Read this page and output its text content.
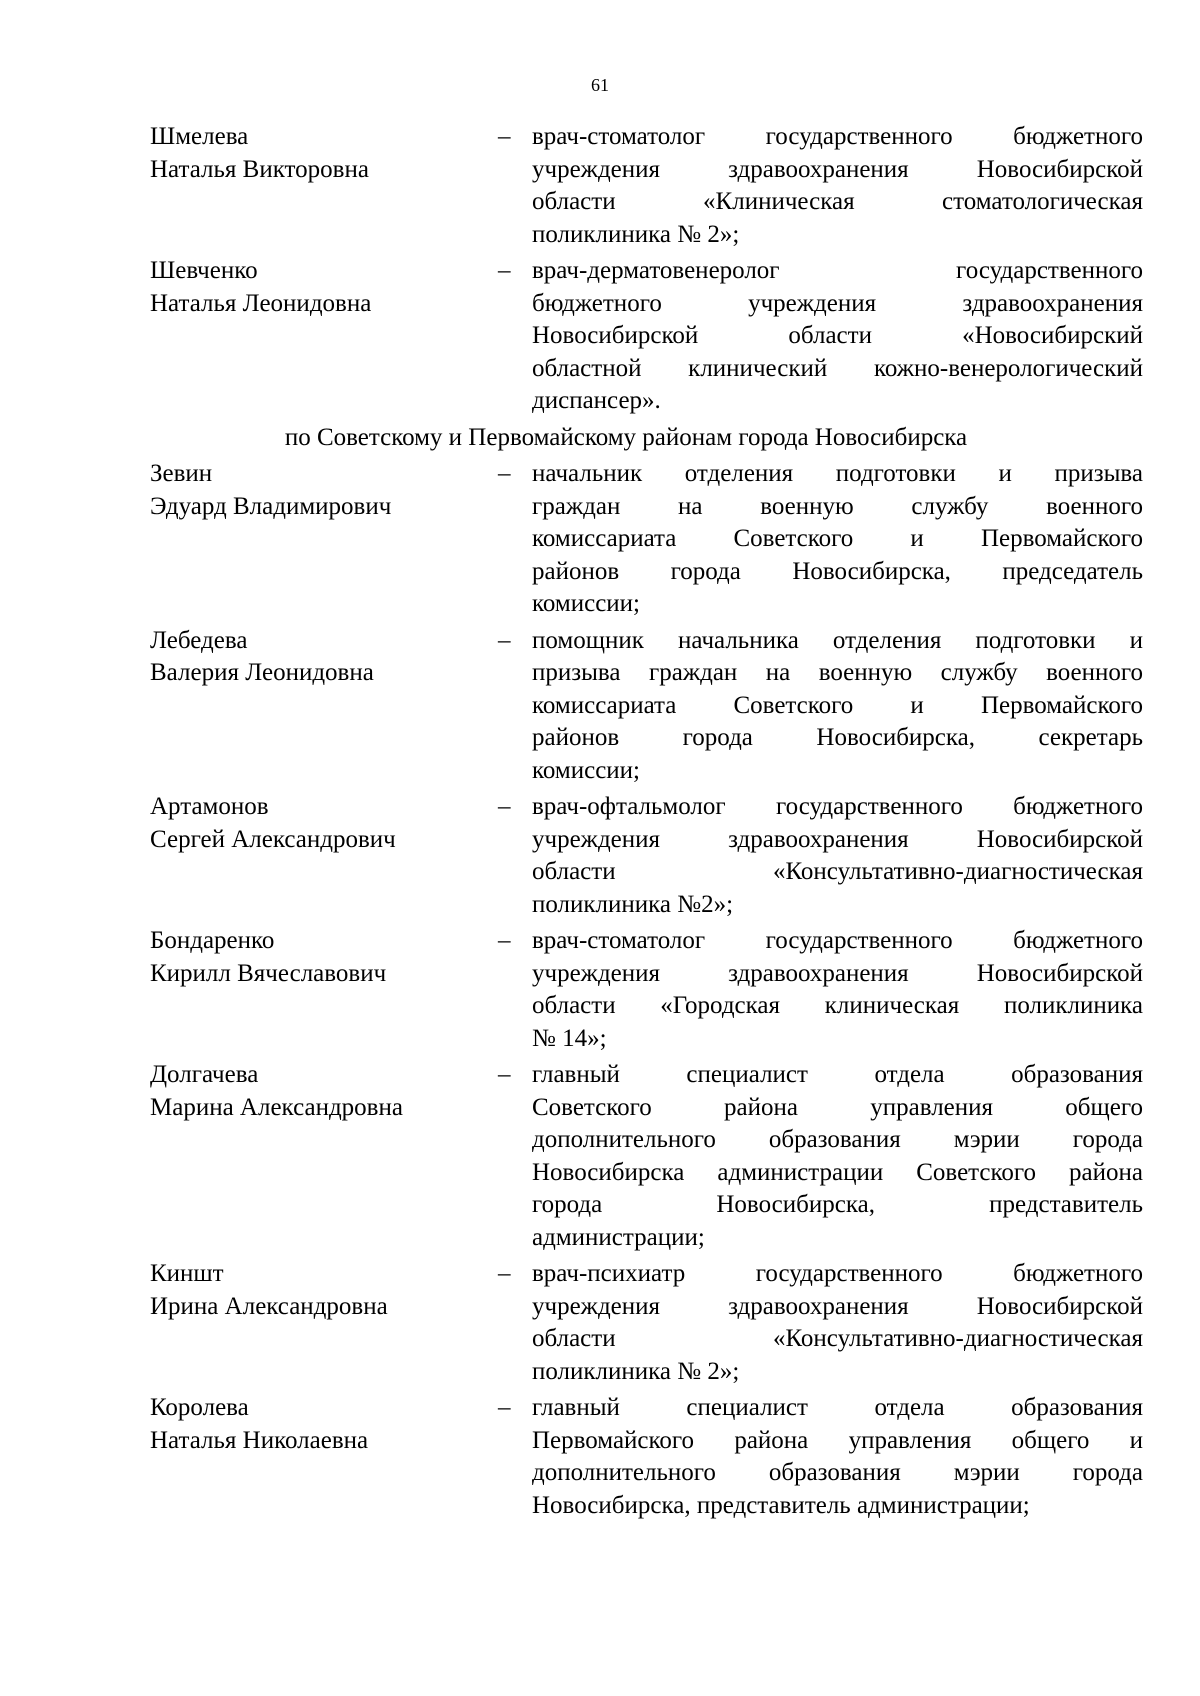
61
Шмелева
Наталья Викторовна
– врач-стоматолог государственного бюджетного
учреждения здравоохранения Новосибирской
области «Клиническая стоматологическая
поликлиника № 2»;
Шевченко
Наталья Леонидовна
– врач-дерматовенеролог государственного
бюджетного учреждения здравоохранения
Новосибирской области «Новосибирский
областной клинический кожно-венерологический
диспансер».
по Советскому и Первомайскому районам города Новосибирска
Зевин
Эдуард Владимирович
– начальник отделения подготовки и призыва
граждан на военную службу военного
комиссариата Советского и Первомайского
районов города Новосибирска, председатель
комиссии;
Лебедева
Валерия Леонидовна
– помощник начальника отделения подготовки и
призыва граждан на военную службу военного
комиссариата Советского и Первомайского
районов города Новосибирска, секретарь
комиссии;
Артамонов
Сергей Александрович
– врач-офтальмолог государственного бюджетного
учреждения здравоохранения Новосибирской
области «Консультативно-диагностическая
поликлиника №2»;
Бондаренко
Кирилл Вячеславович
– врач-стоматолог государственного бюджетного
учреждения здравоохранения Новосибирской
области «Городская клиническая поликлиника
№ 14»;
Долгачева
Марина Александровна
– главный специалист отдела образования
Советского района управления общего
дополнительного образования мэрии города
Новосибирска администрации Советского района
города Новосибирска, представитель
администрации;
Киншт
Ирина Александровна
– врач-психиатр государственного бюджетного
учреждения здравоохранения Новосибирской
области «Консультативно-диагностическая
поликлиника № 2»;
Королева
Наталья Николаевна
– главный специалист отдела образования
Первомайского района управления общего и
дополнительного образования мэрии города
Новосибирска, представитель администрации;
